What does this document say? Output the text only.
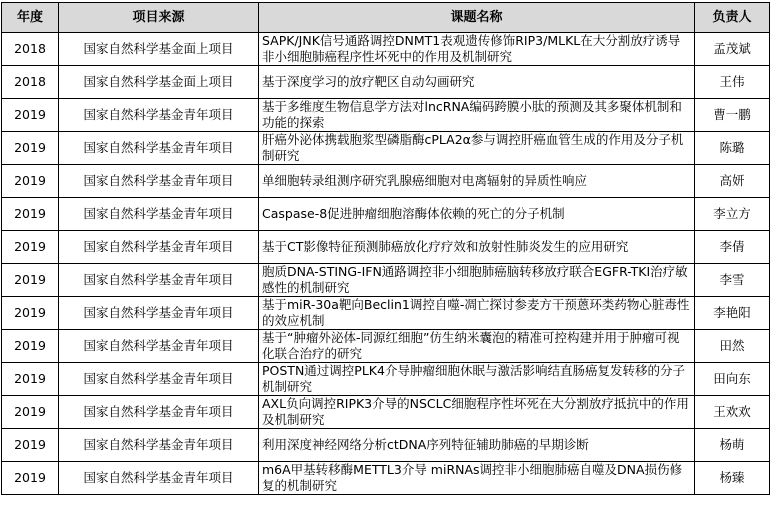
年度	项目来源	课题名称	负责人
2018	国家自然科学基金面上项目	SAPK/JNK信号通路调控DNMT1表观遗传修饰RIP3/MLKL在大分割放疗诱导非小细胞肺癌程序性坏死中的作用及机制研究	孟茂斌
2018	国家自然科学基金面上项目	基于深度学习的放疗靶区自动勾画研究	王伟
2019	国家自然科学基金青年项目	基于多维度生物信息学方法对lncRNA编码跨膜小肽的预测及其多聚体机制和功能的探索	曹一鹏
2019	国家自然科学基金青年项目	肝癌外泌体携载胞浆型磷脂酶cPLA2α参与调控肝癌血管生成的作用及分子机制研究	陈璐
2019	国家自然科学基金青年项目	单细胞转录组测序研究乳腺癌细胞对电离辐射的异质性响应	高妍
2019	国家自然科学基金青年项目	Caspase-8促进肿瘤细胞溶酶体依赖的死亡的分子机制	李立方
2019	国家自然科学基金青年项目	基于CT影像特征预测肺癌放化疗疗效和放射性肺炎发生的应用研究	李倩
2019	国家自然科学基金青年项目	胞质DNA-STING-IFN通路调控非小细胞肺癌脑转移放疗联合EGFR-TKI治疗敏感性的机制研究	李雪
2019	国家自然科学基金青年项目	基于miR-30a靶向Beclin1调控自噬-凋亡探讨参麦方干预蒽环类药物心脏毒性的效应机制	李艳阳
2019	国家自然科学基金青年项目	基于“肿瘤外泌体-同源红细胞”仿生纳米囊泡的精准可控构建并用于肿瘤可视化联合治疗的研究	田然
2019	国家自然科学基金青年项目	POSTN通过调控PLK4介导肿瘤细胞休眠与激活影响结直肠癌复发转移的分子机制研究	田向东
2019	国家自然科学基金青年项目	AXL负向调控RIPK3介导的NSCLC细胞程序性坏死在大分割放疗抵抗中的作用及机制研究	王欢欢
2019	国家自然科学基金青年项目	利用深度神经网络分析ctDNA序列特征辅助肺癌的早期诊断	杨萌
2019	国家自然科学基金青年项目	m6A甲基转移酶METTL3介导 miRNAs调控非小细胞肺癌自噬及DNA损伤修复的机制研究	杨臻
